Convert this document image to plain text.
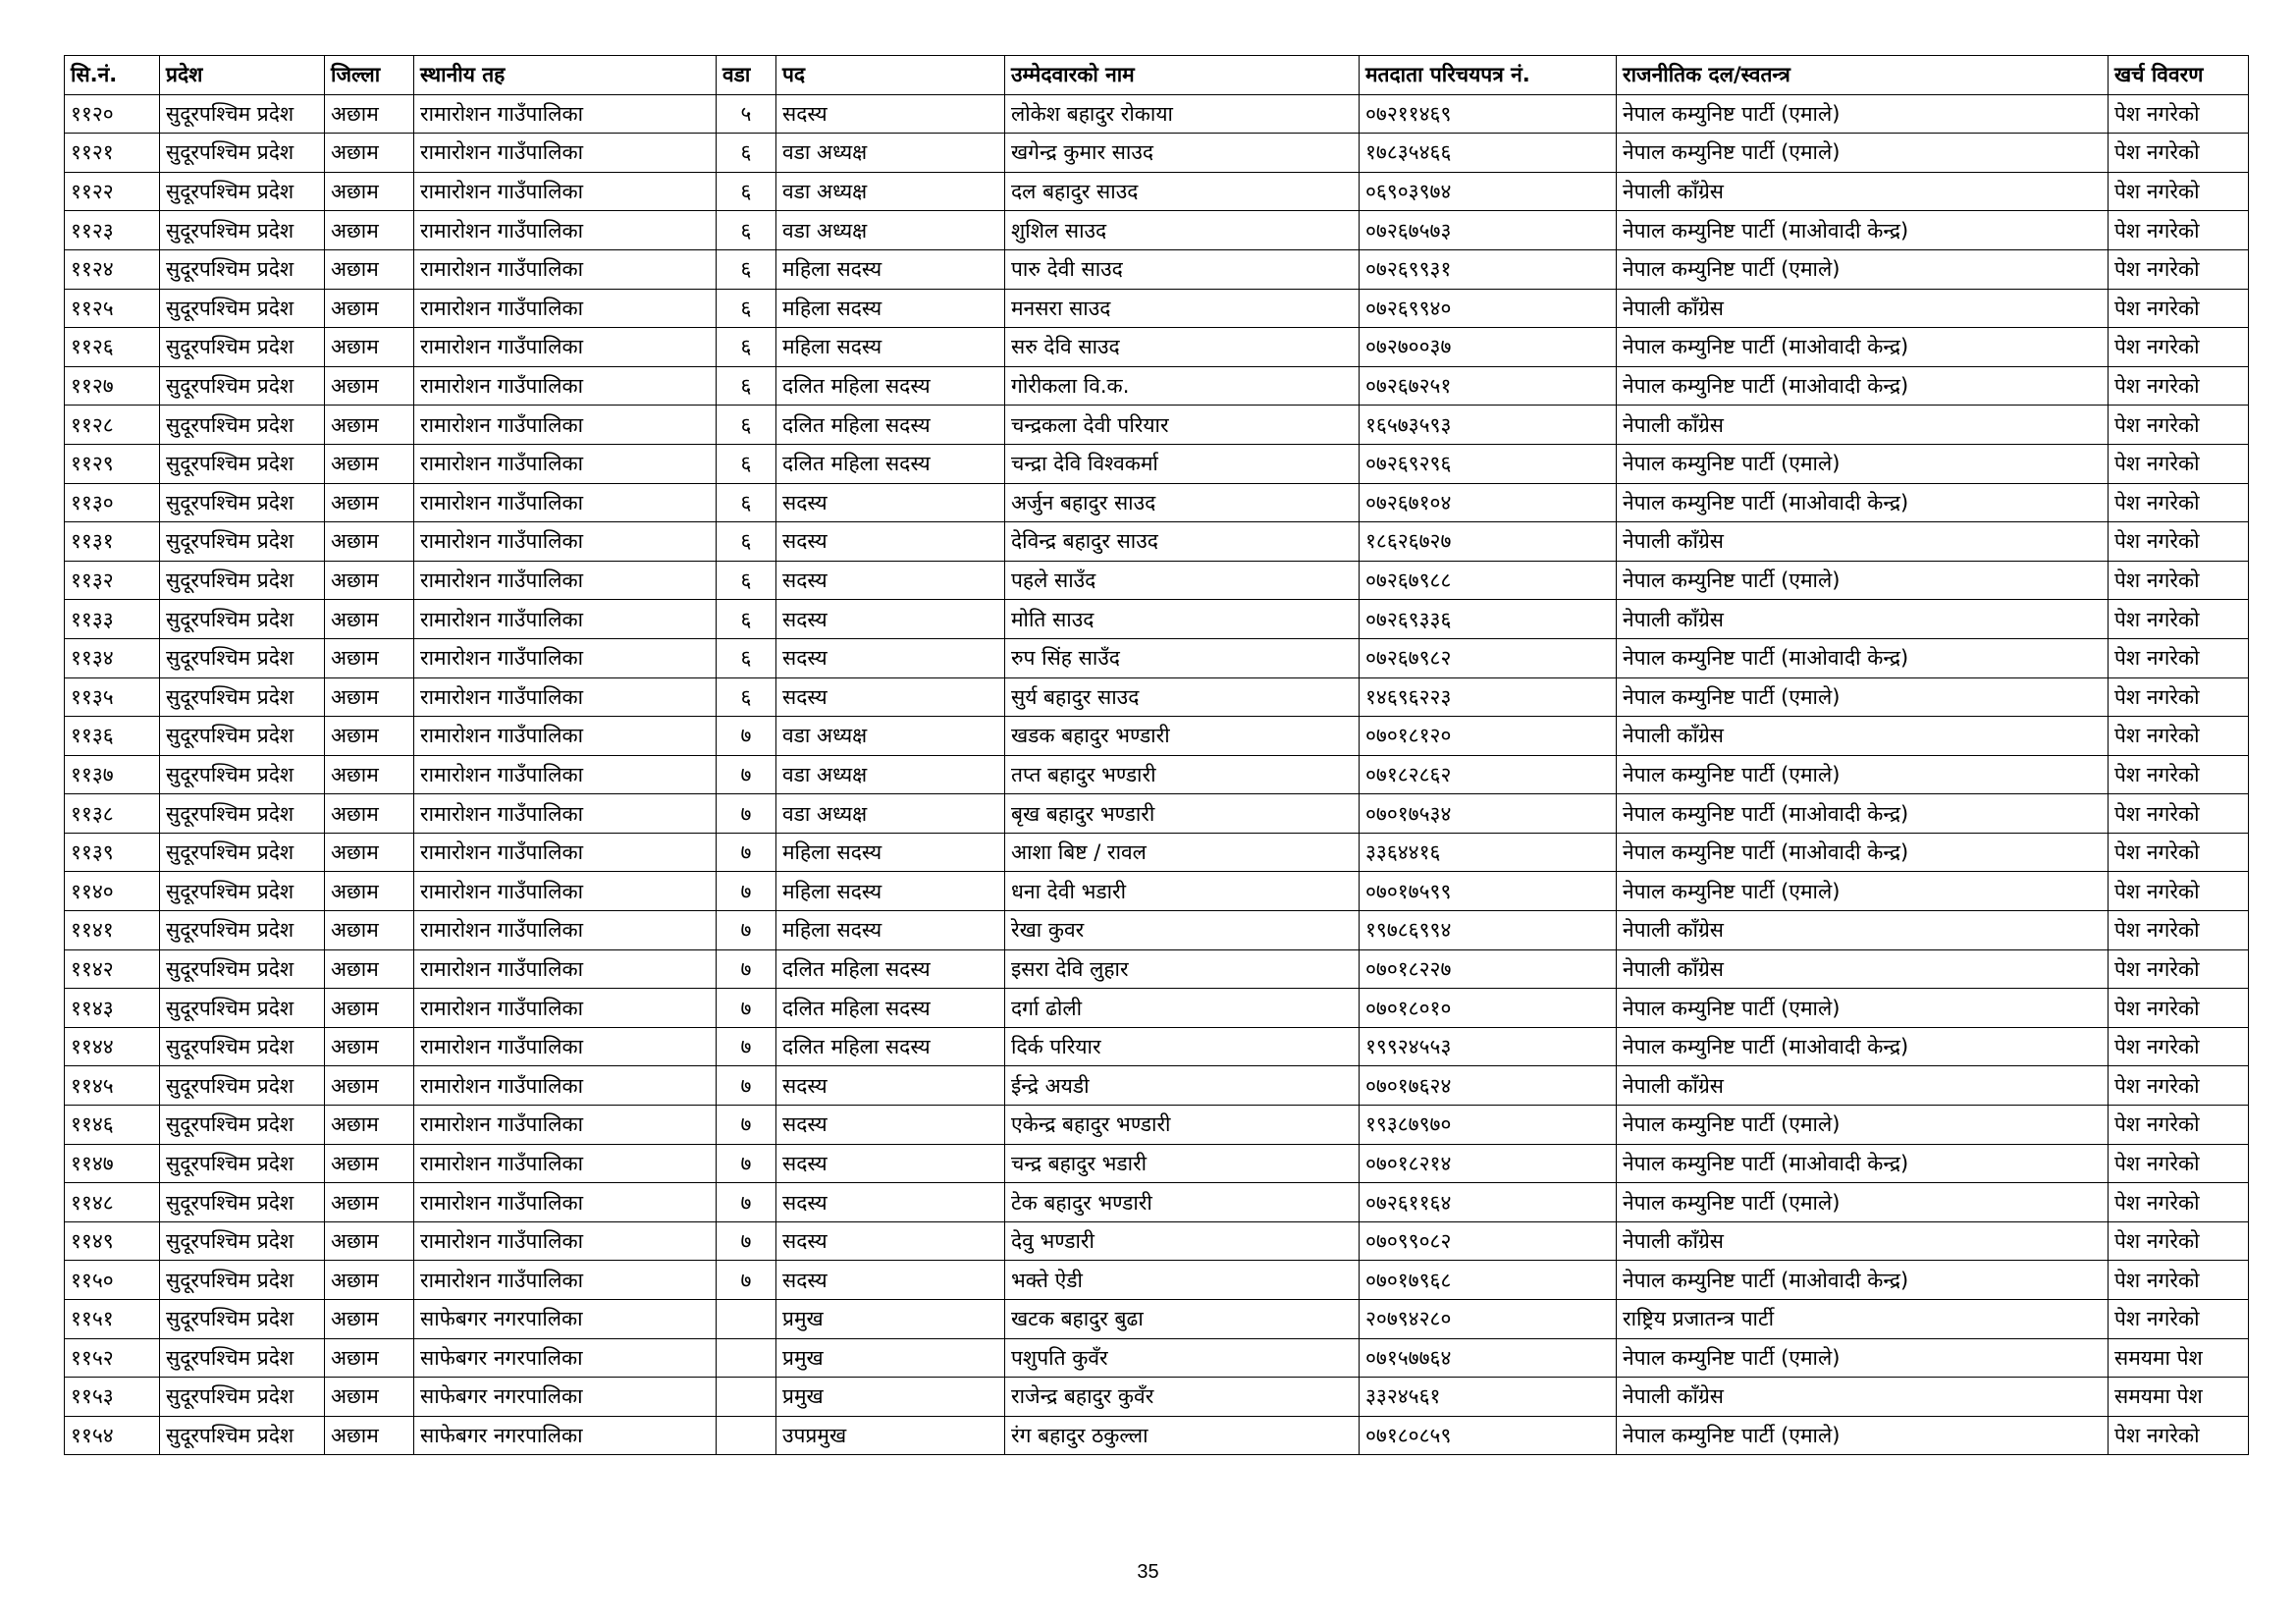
सि.नं.	प्रदेश	जिल्ला	स्थानीय तह	वडा	पद	उम्मेदवारको नाम	मतदाता परिचयपत्र नं.	राजनीतिक दल/स्वतन्त्र	खर्च विवरण
११२०	सुदूरपश्चिम प्रदेश	अछाम	रामारोशन गाउँपालिका	५	सदस्य	लोकेश बहादुर रोकाया	०७२११४६९	नेपाल कम्युनिष्ट पार्टी (एमाले)	पेश नगरेको
११२१	सुदूरपश्चिम प्रदेश	अछाम	रामारोशन गाउँपालिका	६	वडा अध्यक्ष	खगेन्द्र कुमार साउद	१७८३५४६६	नेपाल कम्युनिष्ट पार्टी (एमाले)	पेश नगरेको
११२२	सुदूरपश्चिम प्रदेश	अछाम	रामारोशन गाउँपालिका	६	वडा अध्यक्ष	दल बहादुर साउद	०६९०३९७४	नेपाली काँग्रेस	पेश नगरेको
११२३	सुदूरपश्चिम प्रदेश	अछाम	रामारोशन गाउँपालिका	६	वडा अध्यक्ष	शुशिल साउद	०७२६७५७३	नेपाल कम्युनिष्ट पार्टी (माओवादी केन्द्र)	पेश नगरेको
११२४	सुदूरपश्चिम प्रदेश	अछाम	रामारोशन गाउँपालिका	६	महिला सदस्य	पारु देवी साउद	०७२६९९३१	नेपाल कम्युनिष्ट पार्टी (एमाले)	पेश नगरेको
११२५	सुदूरपश्चिम प्रदेश	अछाम	रामारोशन गाउँपालिका	६	महिला सदस्य	मनसरा साउद	०७२६९९४०	नेपाली काँग्रेस	पेश नगरेको
११२६	सुदूरपश्चिम प्रदेश	अछाम	रामारोशन गाउँपालिका	६	महिला सदस्य	सरु देवि साउद	०७२७००३७	नेपाल कम्युनिष्ट पार्टी (माओवादी केन्द्र)	पेश नगरेको
११२७	सुदूरपश्चिम प्रदेश	अछाम	रामारोशन गाउँपालिका	६	दलित महिला सदस्य	गोरीकला वि.क.	०७२६७२५१	नेपाल कम्युनिष्ट पार्टी (माओवादी केन्द्र)	पेश नगरेको
११२८	सुदूरपश्चिम प्रदेश	अछाम	रामारोशन गाउँपालिका	६	दलित महिला सदस्य	चन्द्रकला देवी परियार	१६५७३५९३	नेपाली काँग्रेस	पेश नगरेको
११२९	सुदूरपश्चिम प्रदेश	अछाम	रामारोशन गाउँपालिका	६	दलित महिला सदस्य	चन्द्रा देवि विश्वकर्मा	०७२६९२९६	नेपाल कम्युनिष्ट पार्टी (एमाले)	पेश नगरेको
११३०	सुदूरपश्चिम प्रदेश	अछाम	रामारोशन गाउँपालिका	६	सदस्य	अर्जुन बहादुर साउद	०७२६७१०४	नेपाल कम्युनिष्ट पार्टी (माओवादी केन्द्र)	पेश नगरेको
११३१	सुदूरपश्चिम प्रदेश	अछाम	रामारोशन गाउँपालिका	६	सदस्य	देविन्द्र बहादुर साउद	१८६२६७२७	नेपाली काँग्रेस	पेश नगरेको
११३२	सुदूरपश्चिम प्रदेश	अछाम	रामारोशन गाउँपालिका	६	सदस्य	पहले साउँद	०७२६७९८८	नेपाल कम्युनिष्ट पार्टी (एमाले)	पेश नगरेको
११३३	सुदूरपश्चिम प्रदेश	अछाम	रामारोशन गाउँपालिका	६	सदस्य	मोति साउद	०७२६९३३६	नेपाली काँग्रेस	पेश नगरेको
११३४	सुदूरपश्चिम प्रदेश	अछाम	रामारोशन गाउँपालिका	६	सदस्य	रुप सिंह साउँद	०७२६७९८२	नेपाल कम्युनिष्ट पार्टी (माओवादी केन्द्र)	पेश नगरेको
११३५	सुदूरपश्चिम प्रदेश	अछाम	रामारोशन गाउँपालिका	६	सदस्य	सुर्य बहादुर साउद	१४६९६२२३	नेपाल कम्युनिष्ट पार्टी (एमाले)	पेश नगरेको
११३६	सुदूरपश्चिम प्रदेश	अछाम	रामारोशन गाउँपालिका	७	वडा अध्यक्ष	खडक बहादुर भण्डारी	०७०१८१२०	नेपाली काँग्रेस	पेश नगरेको
११३७	सुदूरपश्चिम प्रदेश	अछाम	रामारोशन गाउँपालिका	७	वडा अध्यक्ष	तप्त बहादुर भण्डारी	०७१८२८६२	नेपाल कम्युनिष्ट पार्टी (एमाले)	पेश नगरेको
११३८	सुदूरपश्चिम प्रदेश	अछाम	रामारोशन गाउँपालिका	७	वडा अध्यक्ष	बृख बहादुर भण्डारी	०७०१७५३४	नेपाल कम्युनिष्ट पार्टी (माओवादी केन्द्र)	पेश नगरेको
११३९	सुदूरपश्चिम प्रदेश	अछाम	रामारोशन गाउँपालिका	७	महिला सदस्य	आशा बिष्ट / रावल	३३६४४१६	नेपाल कम्युनिष्ट पार्टी (माओवादी केन्द्र)	पेश नगरेको
११४०	सुदूरपश्चिम प्रदेश	अछाम	रामारोशन गाउँपालिका	७	महिला सदस्य	धना देवी भडारी	०७०१७५९९	नेपाल कम्युनिष्ट पार्टी (एमाले)	पेश नगरेको
११४१	सुदूरपश्चिम प्रदेश	अछाम	रामारोशन गाउँपालिका	७	महिला सदस्य	रेखा कुवर	१९७८६९९४	नेपाली काँग्रेस	पेश नगरेको
११४२	सुदूरपश्चिम प्रदेश	अछाम	रामारोशन गाउँपालिका	७	दलित महिला सदस्य	इसरा देवि लुहार	०७०१८२२७	नेपाली काँग्रेस	पेश नगरेको
११४३	सुदूरपश्चिम प्रदेश	अछाम	रामारोशन गाउँपालिका	७	दलित महिला सदस्य	दर्गा ढोली	०७०१८०१०	नेपाल कम्युनिष्ट पार्टी (एमाले)	पेश नगरेको
११४४	सुदूरपश्चिम प्रदेश	अछाम	रामारोशन गाउँपालिका	७	दलित महिला सदस्य	दिर्क परियार	१९९२४५५३	नेपाल कम्युनिष्ट पार्टी (माओवादी केन्द्र)	पेश नगरेको
११४५	सुदूरपश्चिम प्रदेश	अछाम	रामारोशन गाउँपालिका	७	सदस्य	ईन्द्रे अयडी	०७०१७६२४	नेपाली काँग्रेस	पेश नगरेको
११४६	सुदूरपश्चिम प्रदेश	अछाम	रामारोशन गाउँपालिका	७	सदस्य	एकेन्द्र बहादुर भण्डारी	१९३८७९७०	नेपाल कम्युनिष्ट पार्टी (एमाले)	पेश नगरेको
११४७	सुदूरपश्चिम प्रदेश	अछाम	रामारोशन गाउँपालिका	७	सदस्य	चन्द्र बहादुर भडारी	०७०१८२१४	नेपाल कम्युनिष्ट पार्टी (माओवादी केन्द्र)	पेश नगरेको
११४८	सुदूरपश्चिम प्रदेश	अछाम	रामारोशन गाउँपालिका	७	सदस्य	टेक बहादुर भण्डारी	०७२६११६४	नेपाल कम्युनिष्ट पार्टी (एमाले)	पेश नगरेको
११४९	सुदूरपश्चिम प्रदेश	अछाम	रामारोशन गाउँपालिका	७	सदस्य	देवु भण्डारी	०७०९९०८२	नेपाली काँग्रेस	पेश नगरेको
११५०	सुदूरपश्चिम प्रदेश	अछाम	रामारोशन गाउँपालिका	७	सदस्य	भक्ते ऐडी	०७०१७९६८	नेपाल कम्युनिष्ट पार्टी (माओवादी केन्द्र)	पेश नगरेको
११५१	सुदूरपश्चिम प्रदेश	अछाम	साफेबगर नगरपालिका		प्रमुख	खटक बहादुर बुढा	२०७९४२८०	राष्ट्रिय प्रजातन्त्र पार्टी	पेश नगरेको
११५२	सुदूरपश्चिम प्रदेश	अछाम	साफेबगर नगरपालिका		प्रमुख	पशुपति कुवँर	०७१५७७६४	नेपाल कम्युनिष्ट पार्टी (एमाले)	समयमा पेश
११५३	सुदूरपश्चिम प्रदेश	अछाम	साफेबगर नगरपालिका		प्रमुख	राजेन्द्र बहादुर कुवँर	३३२४५६१	नेपाली काँग्रेस	समयमा पेश
११५४	सुदूरपश्चिम प्रदेश	अछाम	साफेबगर नगरपालिका		उपप्रमुख	रंग बहादुर ठकुल्ला	०७१८०८५९	नेपाल कम्युनिष्ट पार्टी (एमाले)	पेश नगरेको
35
